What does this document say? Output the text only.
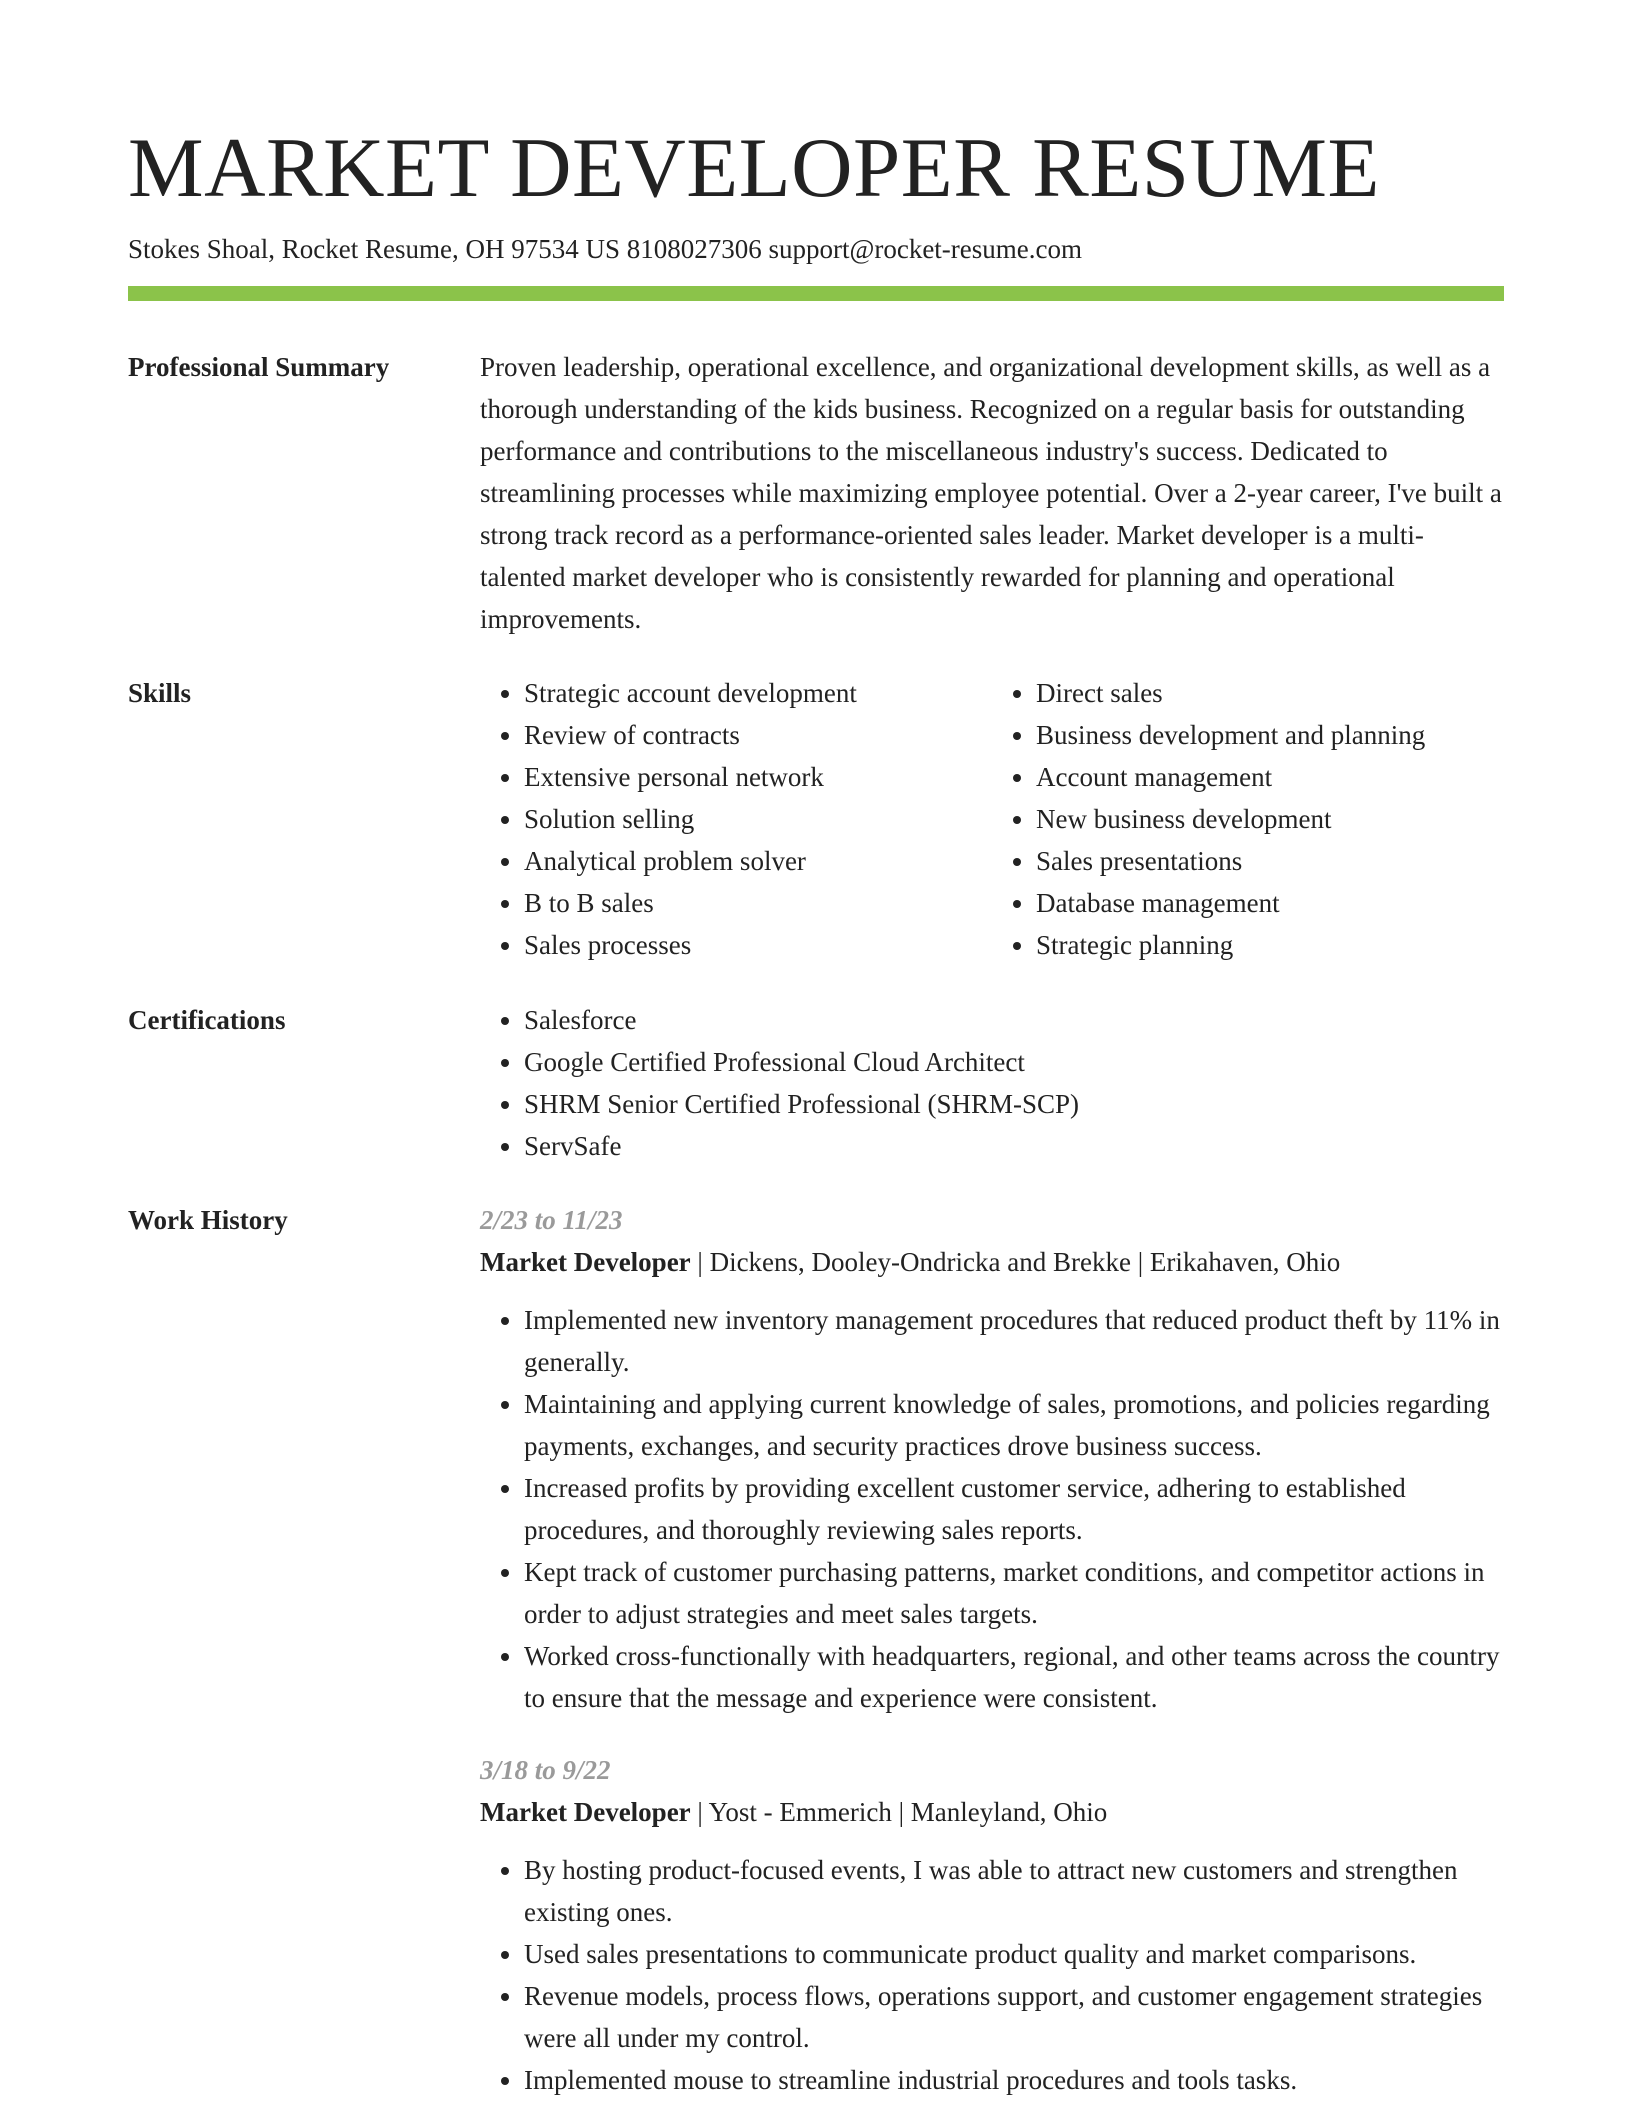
MARKET DEVELOPER RESUME
Stokes Shoal, Rocket Resume, OH 97534 US 8108027306 support@rocket-resume.com
Professional Summary	Proven leadership, operational excellence, and organizational development skills, as well as a thorough understanding of the kids business. Recognized on a regular basis for outstanding performance and contributions to the miscellaneous industry's success. Dedicated to streamlining processes while maximizing employee potential. Over a 2-year career, I've built a strong track record as a performance-oriented sales leader. Market developer is a multi-talented market developer who is consistently rewarded for planning and operational improvements.

Skills	• Strategic account development
• Review of contracts
• Extensive personal network
• Solution selling
• Analytical problem solver
• B to B sales
• Sales processes
• Direct sales
• Business development and planning
• Account management
• New business development
• Sales presentations
• Database management
• Strategic planning
Certifications	• Salesforce
• Google Certified Professional Cloud Architect
• SHRM Senior Certified Professional (SHRM-SCP)
• ServSafe
Work History	2/23 to 11/23
Market Developer | Dickens, Dooley-Ondricka and Brekke | Erikahaven, Ohio
• Implemented new inventory management procedures that reduced product theft by 11% in generally.
• Maintaining and applying current knowledge of sales, promotions, and policies regarding payments, exchanges, and security practices drove business success.
• Increased profits by providing excellent customer service, adhering to established procedures, and thoroughly reviewing sales reports.
• Kept track of customer purchasing patterns, market conditions, and competitor actions in order to adjust strategies and meet sales targets.
• Worked cross-functionally with headquarters, regional, and other teams across the country to ensure that the message and experience were consistent.
3/18 to 9/22
Market Developer | Yost - Emmerich | Manleyland, Ohio
• By hosting product-focused events, I was able to attract new customers and strengthen existing ones.
• Used sales presentations to communicate product quality and market comparisons.
• Revenue models, process flows, operations support, and customer engagement strategies were all under my control.
• Implemented mouse to streamline industrial procedures and tools tasks.
